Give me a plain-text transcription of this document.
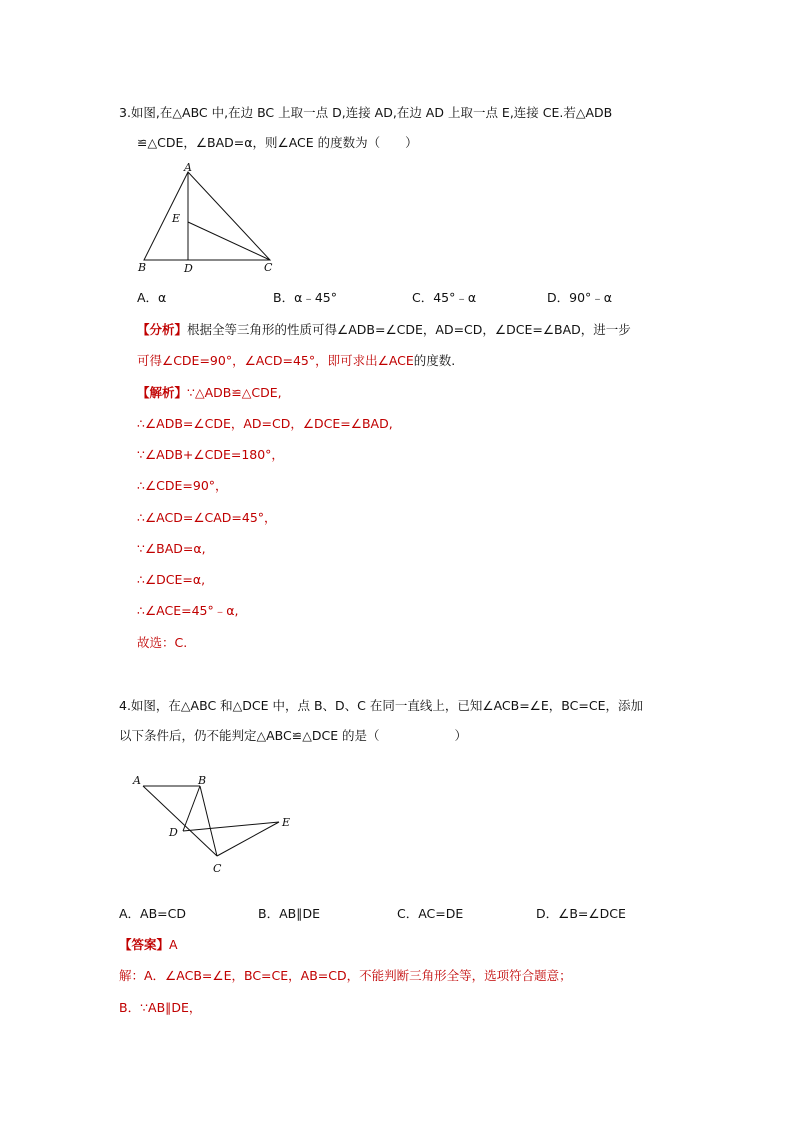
3.如图,在△ABC 中,在边 BC 上取一点 D,连接 AD,在边 AD 上取一点 E,连接 CE.若△ADB
≌△CDE，∠BAD=α，则∠ACE 的度数为（　　）
A
E
B	D	C
A．α	B．α﹣45°	C．45°﹣α	D．90°﹣α
【分析】根据全等三角形的性质可得∠ADB=∠CDE，AD=CD，∠DCE=∠BAD，进一步
可得∠CDE=90°，∠ACD=45°，即可求出∠ACE的度数.
【解析】∵△ADB≌△CDE,
∴∠ADB=∠CDE，AD=CD，∠DCE=∠BAD,
∵∠ADB+∠CDE=180°，
∴∠CDE=90°，
∴∠ACD=∠CAD=45°，
∵∠BAD=α,
∴∠DCE=α,
∴∠ACE=45°﹣α,
故选：C.
4.如图，在△ABC 和△DCE 中，点 B、D、C 在同一直线上，已知∠ACB=∠E，BC=CE，添加
以下条件后，仍不能判定△ABC≌△DCE 的是（　　　　　　）
A	B
D
E
C
A．AB=CD	B．AB∥DE	C．AC=DE	D．∠B=∠DCE
【答案】A
解：A．∠ACB=∠E，BC=CE，AB=CD，不能判断三角形全等，选项符合题意；
B．∵AB∥DE，
